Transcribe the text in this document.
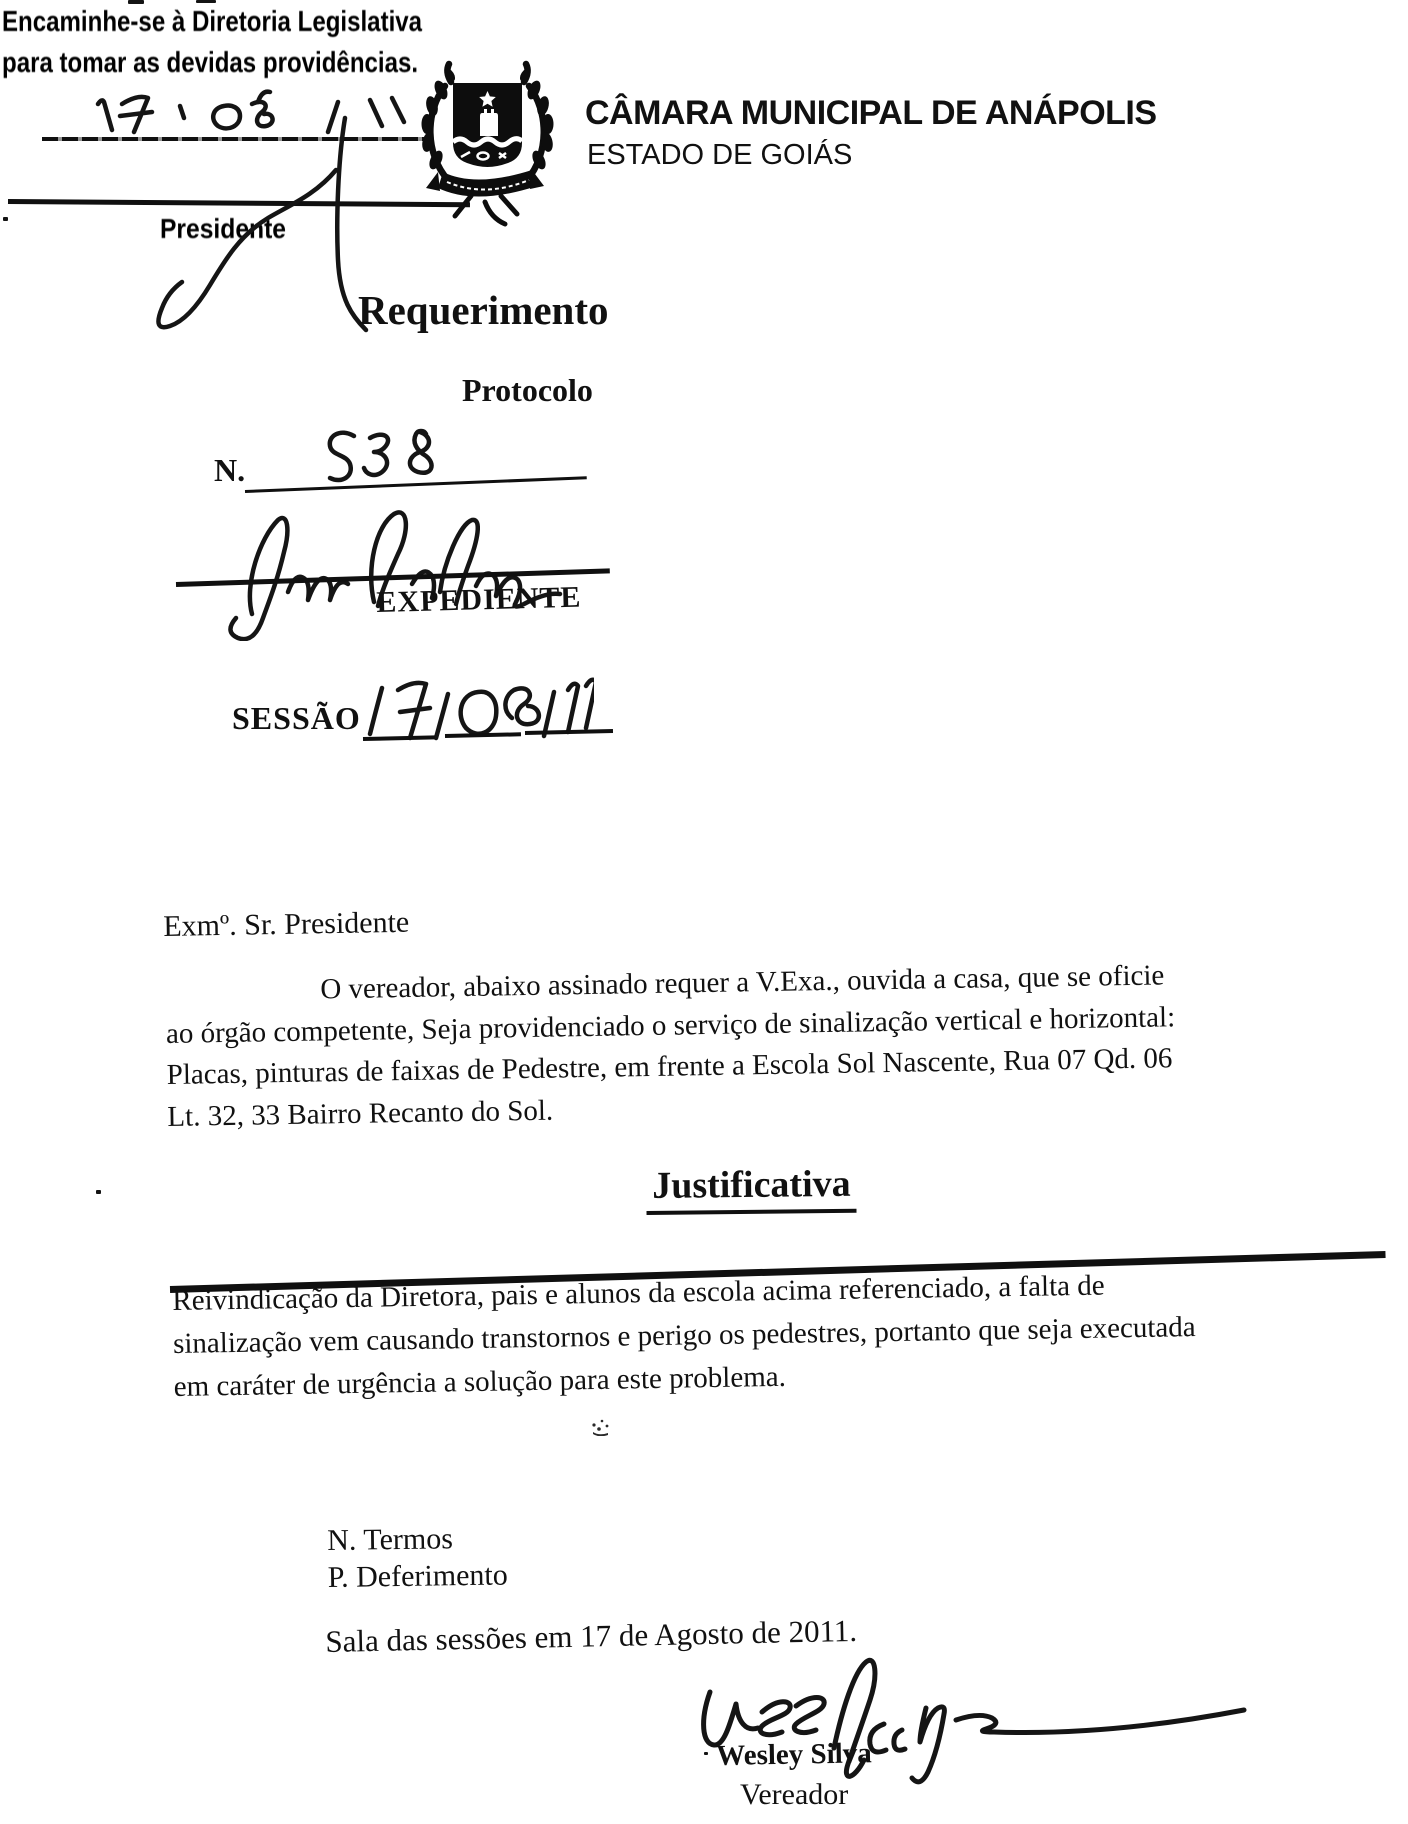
Encaminhe-se à Diretoria Legislativa
para tomar as devidas providências.
Presidente
CÂMARA MUNICIPAL DE ANÁPOLIS
ESTADO DE GOIÁS
Requerimento
Protocolo
N.
EXPEDIENTE
SESSÃO
Exmº. Sr. Presidente
O vereador, abaixo assinado requer a V.Exa., ouvida a casa, que se oficie
ao órgão competente, Seja providenciado o serviço de sinalização vertical e horizontal:
Placas, pinturas de faixas de Pedestre, em frente a Escola Sol Nascente, Rua 07 Qd. 06
Lt. 32, 33 Bairro Recanto do Sol.
Justificativa
Reivindicação da Diretora, pais e alunos da escola acima referenciado, a falta de
sinalização vem causando transtornos e perigo os pedestres, portanto que seja executada
em caráter de urgência a solução para este problema.
N. Termos
P. Deferimento
Sala das sessões em 17 de Agosto de 2011.
Wesley Silva
Vereador
